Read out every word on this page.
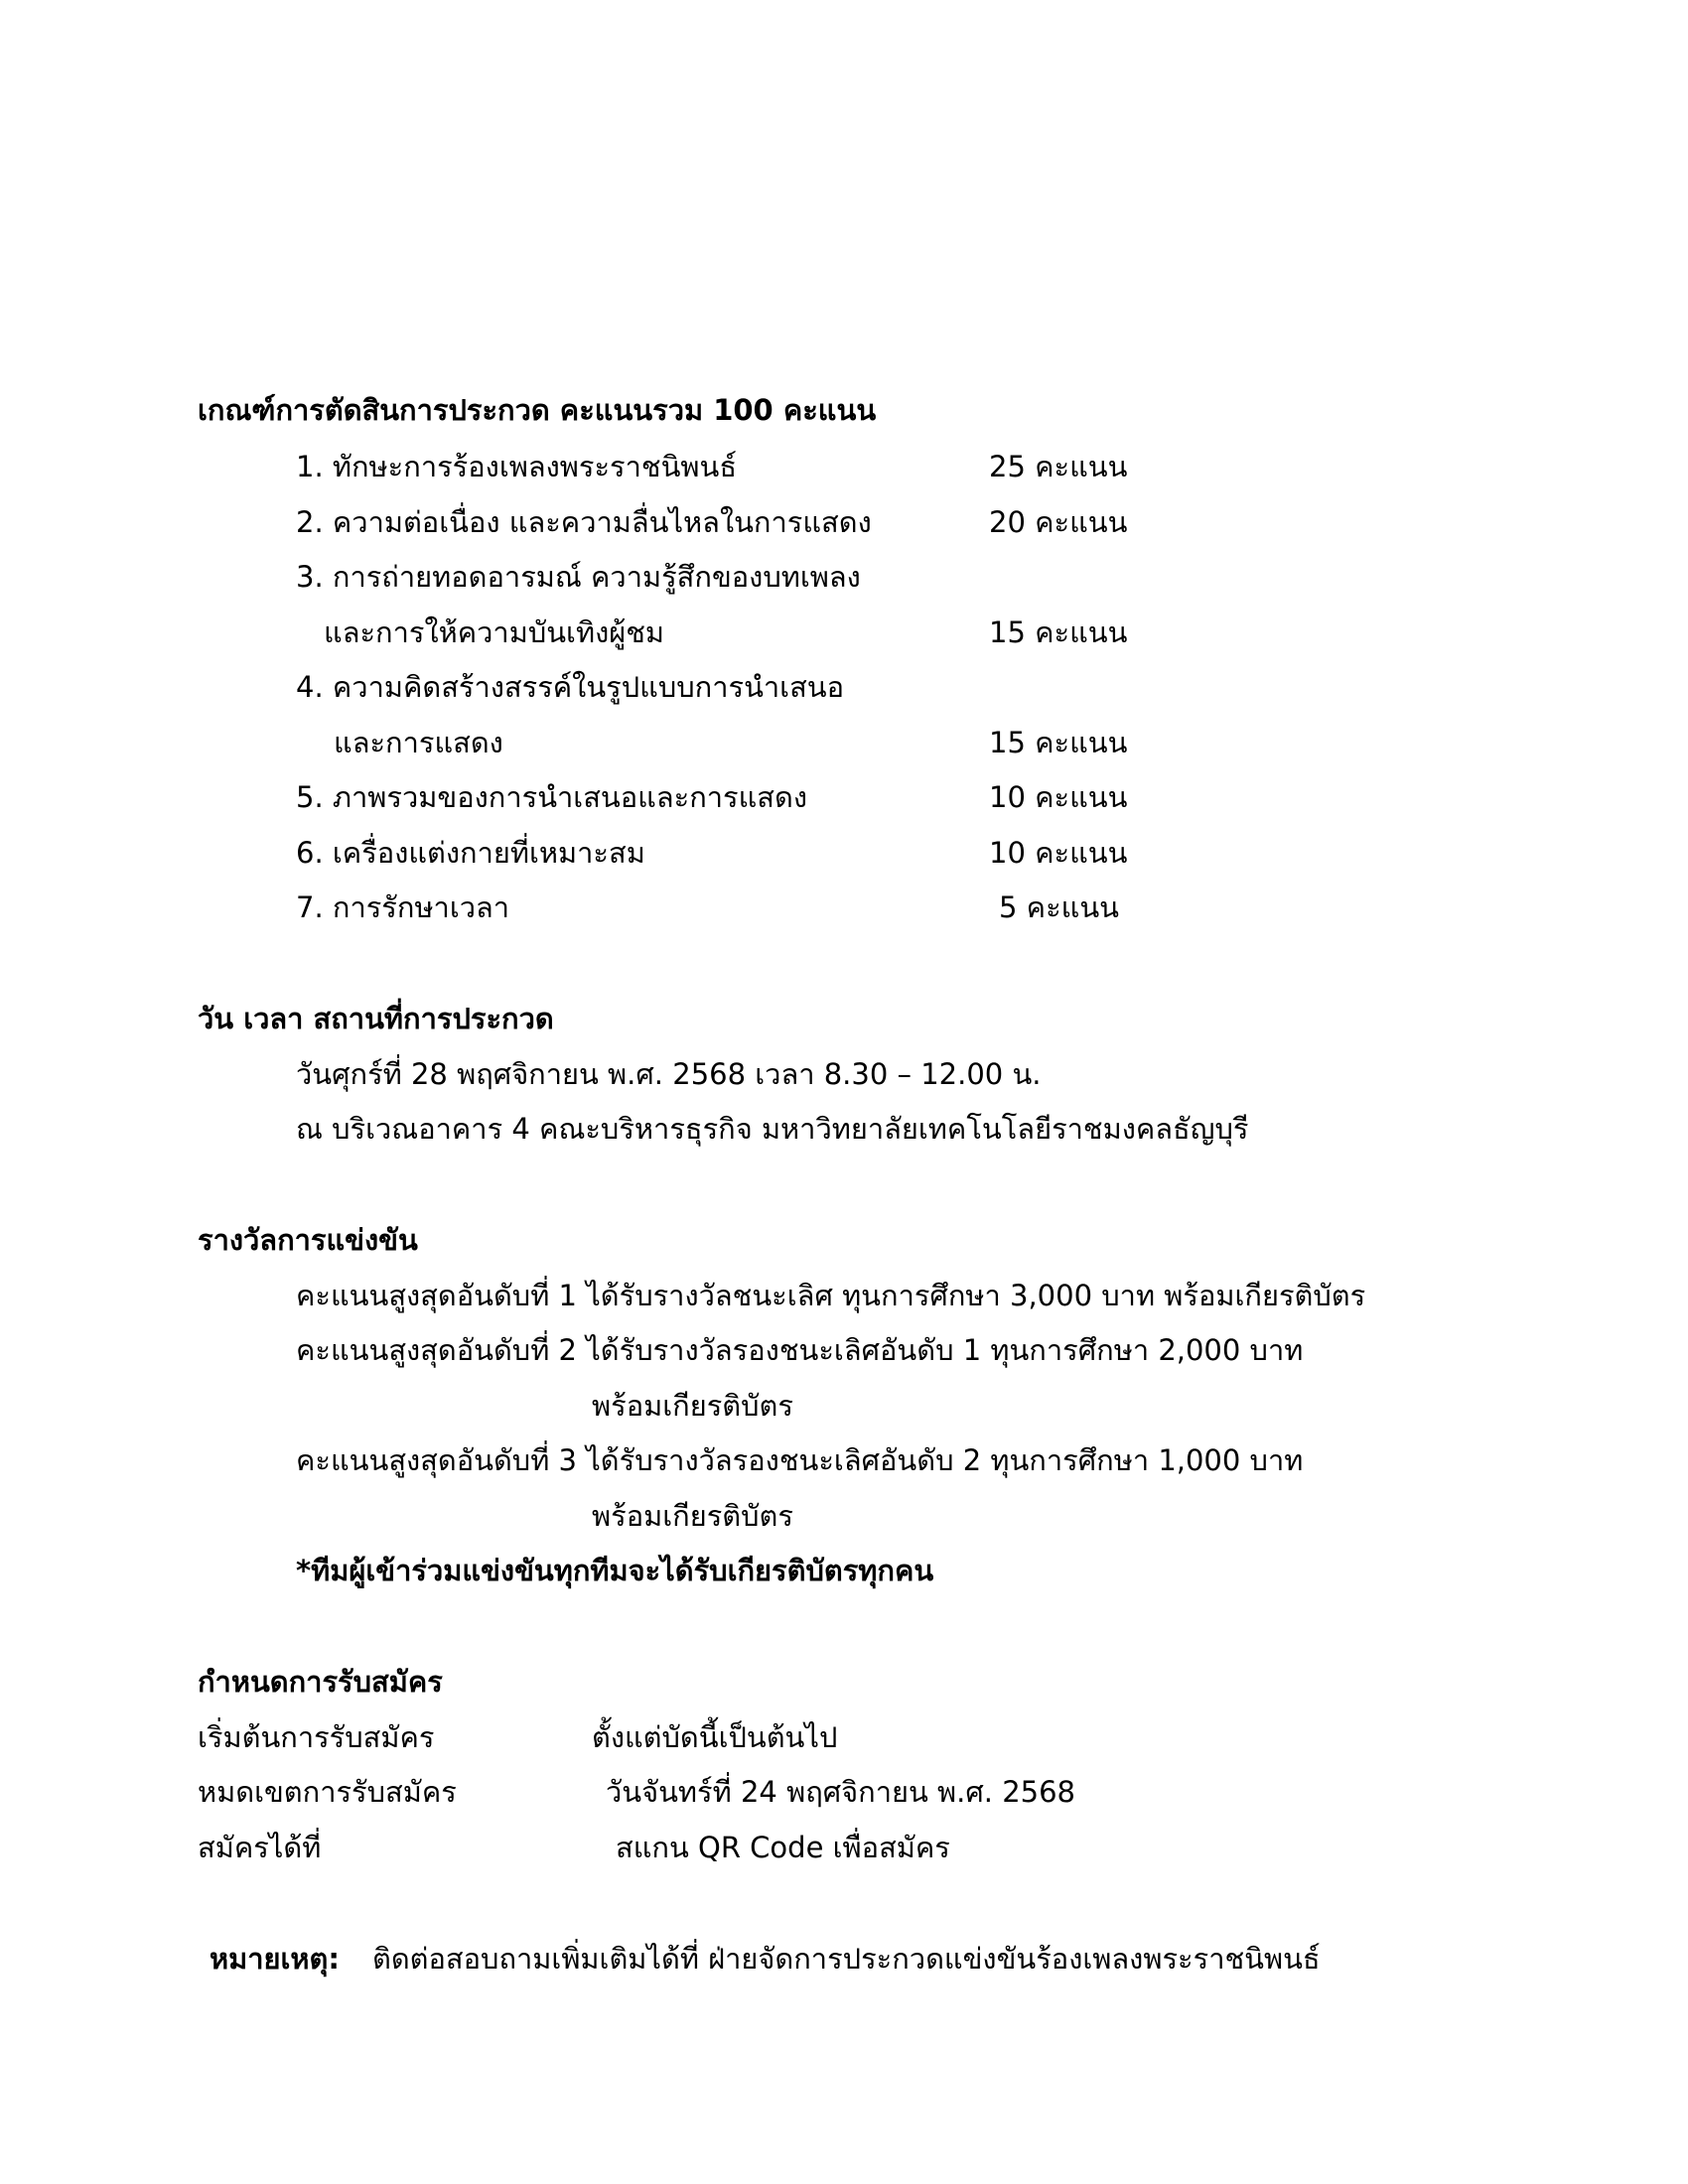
เกณฑ์การตัดสินการประกวด คะแนนรวม 100 คะแนน
1. ทักษะการร้องเพลงพระราชนิพนธ์	25 คะแนน
2. ความต่อเนื่อง และความลื่นไหลในการแสดง	20 คะแนน
3. การถ่ายทอดอารมณ์ ความรู้สึกของบทเพลง
และการให้ความบันเทิงผู้ชม	15 คะแนน
4. ความคิดสร้างสรรค์ในรูปแบบการนำเสนอ
และการแสดง	15 คะแนน
5. ภาพรวมของการนำเสนอและการแสดง	10 คะแนน
6. เครื่องแต่งกายที่เหมาะสม	10 คะแนน
7. การรักษาเวลา	5 คะแนน
วัน เวลา สถานที่การประกวด
วันศุกร์ที่ 28 พฤศจิกายน พ.ศ. 2568 เวลา 8.30 – 12.00 น.
ณ บริเวณอาคาร 4 คณะบริหารธุรกิจ มหาวิทยาลัยเทคโนโลยีราชมงคลธัญบุรี
รางวัลการแข่งขัน
คะแนนสูงสุดอันดับที่ 1 ได้รับรางวัลชนะเลิศ ทุนการศึกษา 3,000 บาท พร้อมเกียรติบัตร
คะแนนสูงสุดอันดับที่ 2 ได้รับรางวัลรองชนะเลิศอันดับ 1 ทุนการศึกษา 2,000 บาท
พร้อมเกียรติบัตร
คะแนนสูงสุดอันดับที่ 3 ได้รับรางวัลรองชนะเลิศอันดับ 2 ทุนการศึกษา 1,000 บาท
พร้อมเกียรติบัตร
*ทีมผู้เข้าร่วมแข่งขันทุกทีมจะได้รับเกียรติบัตรทุกคน
กำหนดการรับสมัคร
เริ่มต้นการรับสมัคร	ตั้งแต่บัดนี้เป็นต้นไป
หมดเขตการรับสมัคร	วันจันทร์ที่ 24 พฤศจิกายน พ.ศ. 2568
สมัครได้ที่	สแกน QR Code เพื่อสมัคร
หมายเหตุ: ติดต่อสอบถามเพิ่มเติมได้ที่ ฝ่ายจัดการประกวดแข่งขันร้องเพลงพระราชนิพนธ์
